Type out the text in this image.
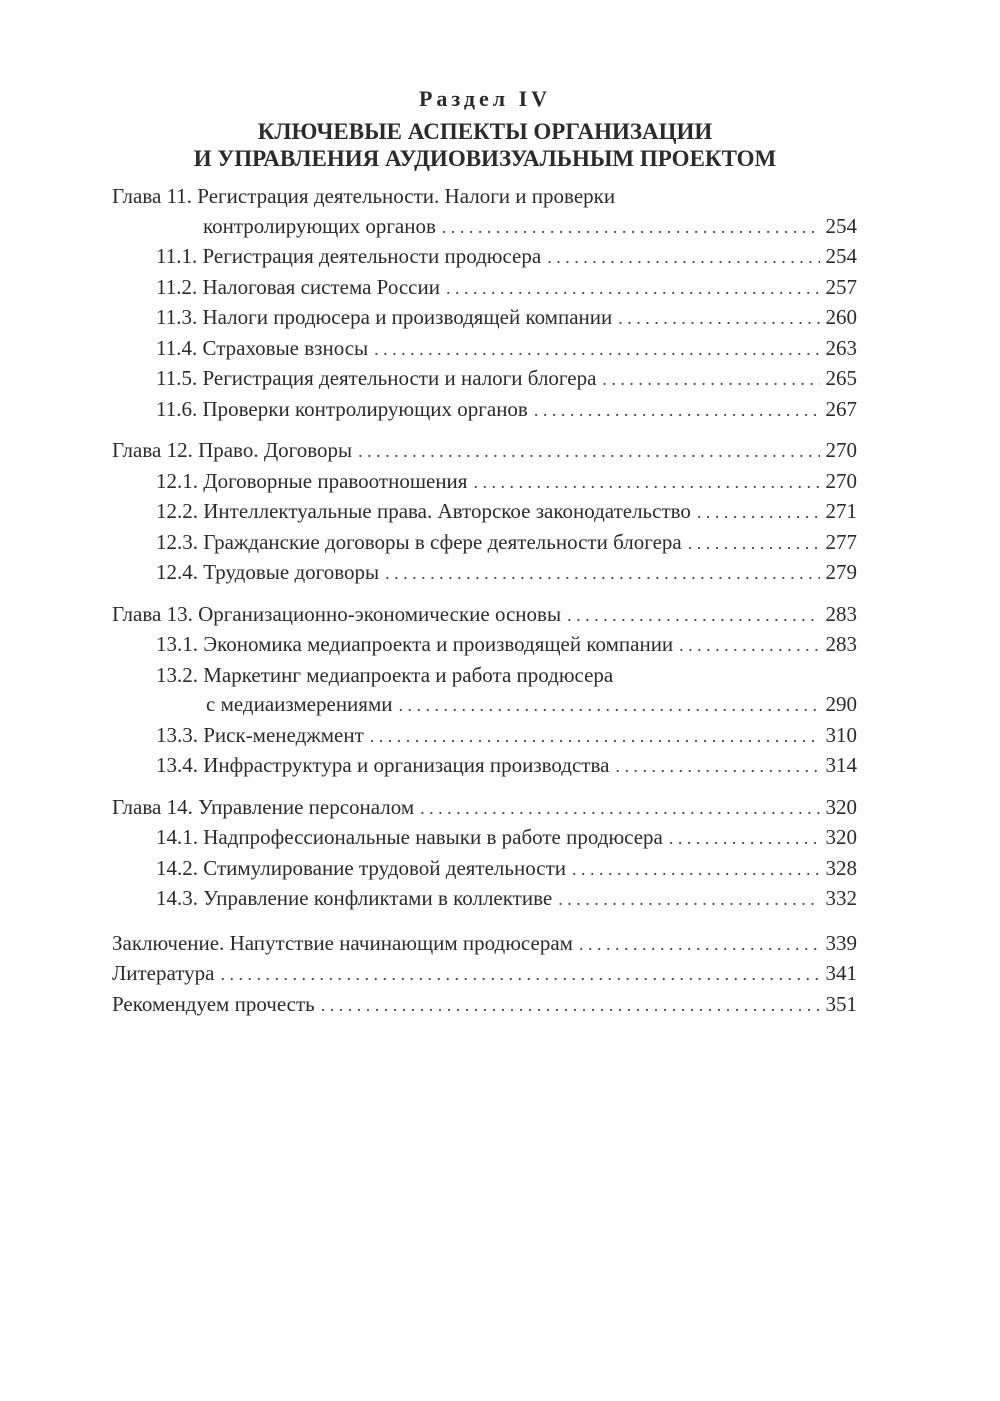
Раздел IV
КЛЮЧЕВЫЕ АСПЕКТЫ ОРГАНИЗАЦИИ
И УПРАВЛЕНИЯ АУДИОВИЗУАЛЬНЫМ ПРОЕКТОМ
Глава 11. Регистрация деятельности. Налоги и проверки
контролирующих органов . . .	254
11.1. Регистрация деятельности продюсера . . .	254
11.2. Налоговая система России . . .	257
11.3. Налоги продюсера и производящей компании . . .	260
11.4. Страховые взносы . . .	263
11.5. Регистрация деятельности и налоги блогера . . .	265
11.6. Проверки контролирующих органов . . .	267
Глава 12. Право. Договоры . . .	270
12.1. Договорные правоотношения . . .	270
12.2. Интеллектуальные права. Авторское законодательство . . .	271
12.3. Гражданские договоры в сфере деятельности блогера . . .	277
12.4. Трудовые договоры . . .	279
Глава 13. Организационно-экономические основы . . .	283
13.1. Экономика медиапроекта и производящей компании . . .	283
13.2. Маркетинг медиапроекта и работа продюсера
с медиаизмерениями . . .	290
13.3. Риск-менеджмент . . .	310
13.4. Инфраструктура и организация производства . . .	314
Глава 14. Управление персоналом . . .	320
14.1. Надпрофессиональные навыки в работе продюсера . . .	320
14.2. Стимулирование трудовой деятельности . . .	328
14.3. Управление конфликтами в коллективе . . .	332
Заключение. Напутствие начинающим продюсерам . . .	339
Литература . . .	341
Рекомендуем прочесть . . .	351
